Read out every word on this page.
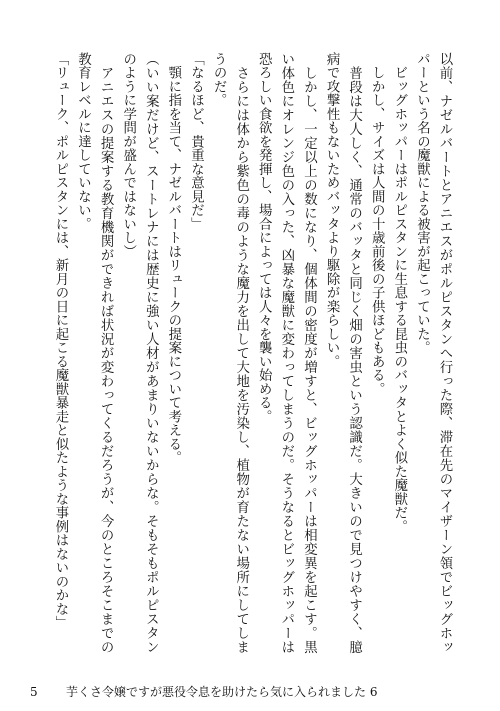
以前、ナゼルバートとアニエスがポルピスタンへ行った際、滞在先のマイザーン領でビッグホッパーという名の魔獣による被害が起こっていた。

　ビッグホッパーはポルピスタンに生息する昆虫のバッタとよく似た魔獣だ。

　しかし、サイズは人間の十歳前後の子供ほどもある。

　普段は大人しく、通常のバッタと同じく畑の害虫という認識だ。大きいので見つけやすく、臆病で攻撃性もないためバッタより駆除が楽らしい。

　しかし、一定以上の数になり、個体間の密度が増すと、ビッグホッパーは相変異を起こす。黒い体色にオレンジ色の入った、凶暴な魔獣に変わってしまうのだ。そうなるとビッグホッパーは恐ろしい食欲を発揮し、場合によっては人々を襲い始める。

　さらには体から紫色の毒のような魔力を出して大地を汚染し、植物が育たない場所にしてしまうのだ。

「なるほど、貴重な意見だ」

　顎に指を当て、ナゼルバートはリュークの提案について考える。

（いい案だけど、スートレナには歴史に強い人材があまりいないからな。そもそもポルピスタンのように学問が盛んではないし）

　アニエスの提案する教育機関ができれば状況が変わってくるだろうが、今のところそこまでの教育レベルに達していない。

「リューク、ポルピスタンには、新月の日に起こる魔獣暴走と似たような事例はないのかな」

5 芋くさ令嬢ですが悪役令息を助けたら気に入られました 6
